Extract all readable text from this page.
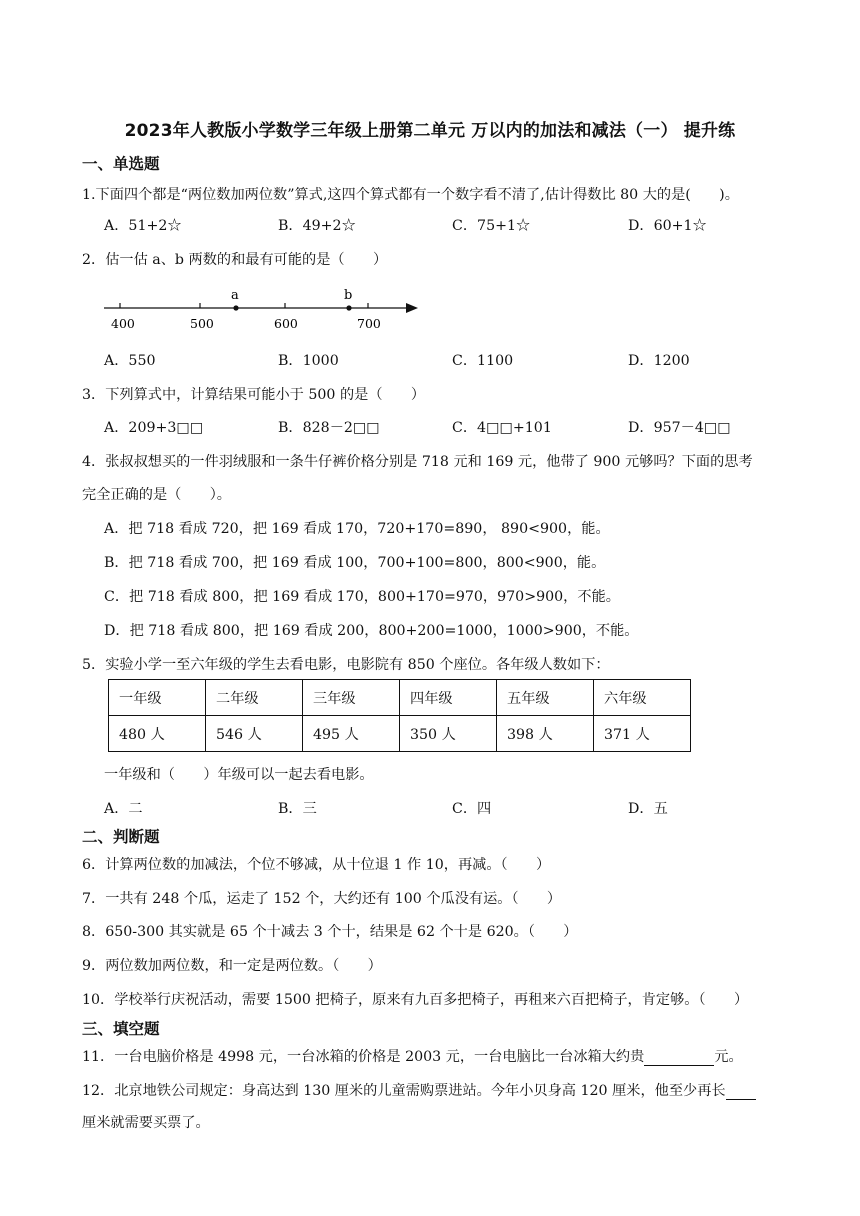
2023年人教版小学数学三年级上册第二单元 万以内的加法和减法（一） 提升练
一、单选题
1.下面四个都是“两位数加两位数”算式,这四个算式都有一个数字看不清了,估计得数比 80 大的是(　　)。
A．51+2☆	B．49+2☆	C．75+1☆	D．60+1☆
2．估一估 a、b 两数的和最有可能的是（　　）
a	b
400	500	600	700
A．550	B．1000	C．1100	D．1200
3．下列算式中，计算结果可能小于 500 的是（　　）
A．209+3□□	B．828－2□□	C．4□□+101	D．957－4□□
4．张叔叔想买的一件羽绒服和一条牛仔裤价格分别是 718 元和 169 元，他带了 900 元够吗？下面的思考
完全正确的是（　　）。
A．把 718 看成 720，把 169 看成 170，720+170=890， 890<900，能。
B．把 718 看成 700，把 169 看成 100，700+100=800，800<900，能。
C．把 718 看成 800，把 169 看成 170，800+170=970，970>900，不能。
D．把 718 看成 800，把 169 看成 200，800+200=1000，1000>900，不能。
5．实验小学一至六年级的学生去看电影，电影院有 850 个座位。各年级人数如下：
一年级	二年级	三年级	四年级	五年级	六年级
480 人	546 人	495 人	350 人	398 人	371 人
一年级和（　　）年级可以一起去看电影。
A．二	B．三	C．四	D．五
二、判断题
6．计算两位数的加减法，个位不够减，从十位退 1 作 10，再减。（　　）
7．一共有 248 个瓜，运走了 152 个，大约还有 100 个瓜没有运。（　　）
8．650-300 其实就是 65 个十减去 3 个十，结果是 62 个十是 620。（　　）
9．两位数加两位数，和一定是两位数。（　　）
10．学校举行庆祝活动，需要 1500 把椅子，原来有九百多把椅子，再租来六百把椅子，肯定够。（　　）
三、填空题
11．一台电脑价格是 4998 元，一台冰箱的价格是 2003 元，一台电脑比一台冰箱大约贵	元。
12．北京地铁公司规定：身高达到 130 厘米的儿童需购票进站。今年小贝身高 120 厘米，他至少再长
厘米就需要买票了。
